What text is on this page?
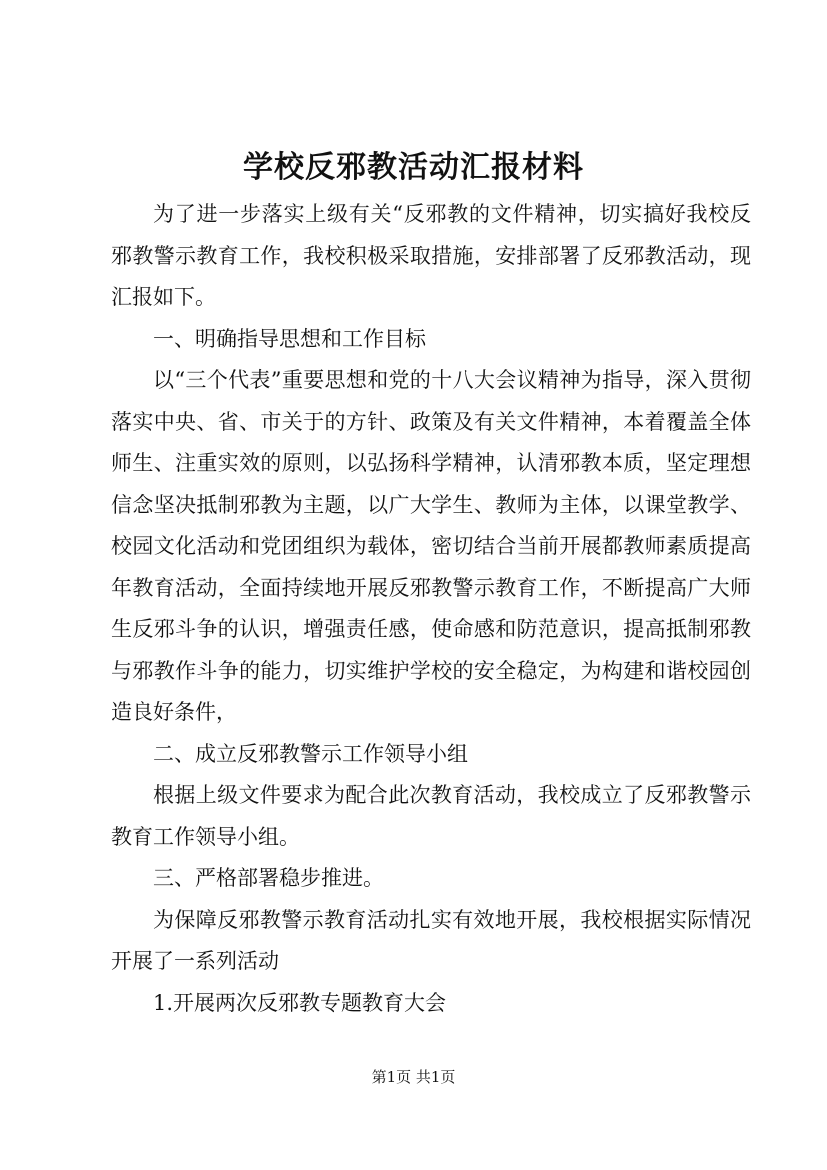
学校反邪教活动汇报材料

为了进一步落实上级有关“反邪教的文件精神，切实搞好我校反邪教警示教育工作，我校积极采取措施，安排部署了反邪教活动，现汇报如下。

一、明确指导思想和工作目标

以“三个代表”重要思想和党的十八大会议精神为指导，深入贯彻落实中央、省、市关于的方针、政策及有关文件精神，本着覆盖全体师生、注重实效的原则，以弘扬科学精神，认清邪教本质，坚定理想信念坚决抵制邪教为主题，以广大学生、教师为主体，以课堂教学、校园文化活动和党团组织为载体，密切结合当前开展都教师素质提高年教育活动，全面持续地开展反邪教警示教育工作，不断提高广大师生反邪斗争的认识，增强责任感，使命感和防范意识，提高抵制邪教与邪教作斗争的能力，切实维护学校的安全稳定，为构建和谐校园创造良好条件，

二、成立反邪教警示工作领导小组

根据上级文件要求为配合此次教育活动，我校成立了反邪教警示教育工作领导小组。

三、严格部署稳步推进。

为保障反邪教警示教育活动扎实有效地开展，我校根据实际情况开展了一系列活动

1.开展两次反邪教专题教育大会

第1页 共1页
